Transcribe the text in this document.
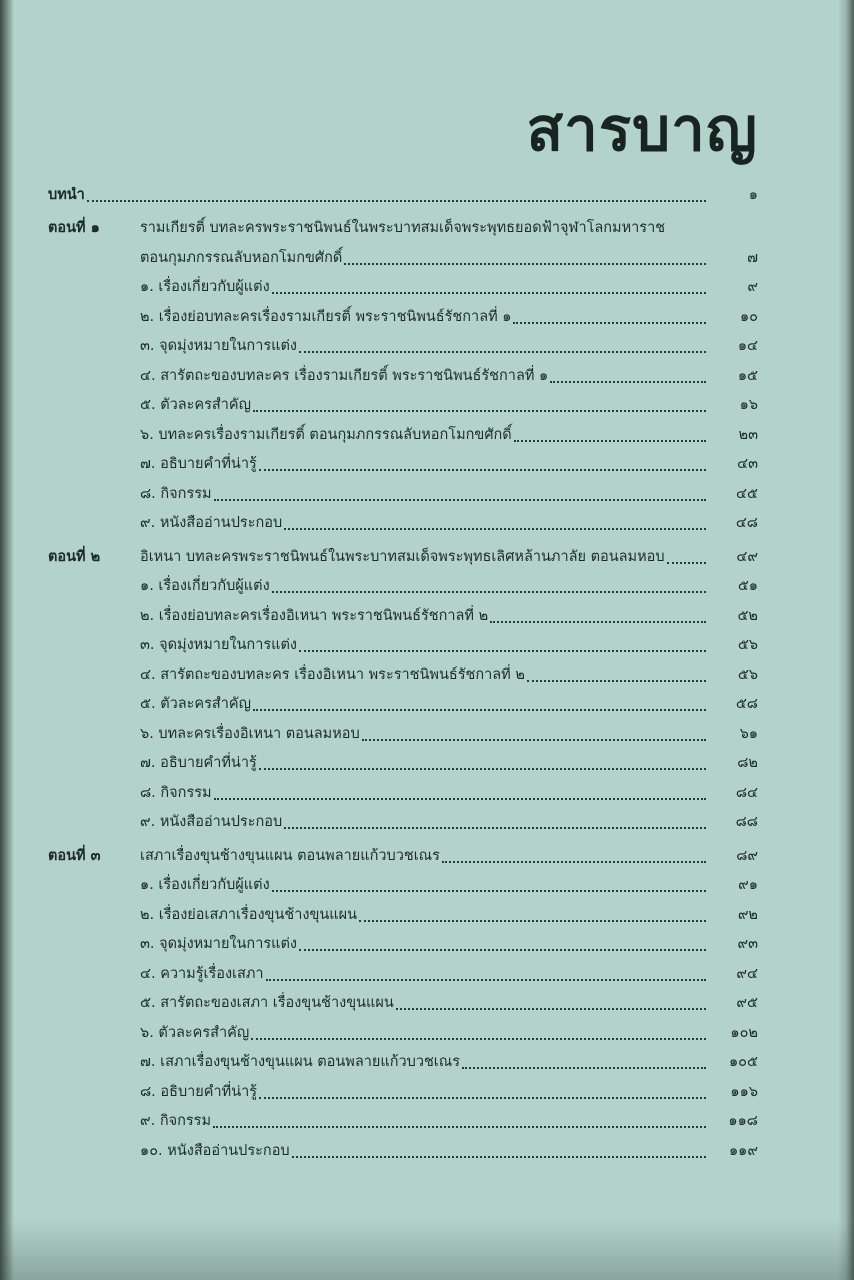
สารบาญ
บทนำ	๑
ตอนที่ ๑	รามเกียรติ์ บทละครพระราชนิพนธ์ในพระบาทสมเด็จพระพุทธยอดฟ้าจุฬาโลกมหาราช
ตอนกุมภกรรณลับหอกโมกขศักดิ์	๗
๑. เรื่องเกี่ยวกับผู้แต่ง	๙
๒. เรื่องย่อบทละครเรื่องรามเกียรติ์ พระราชนิพนธ์รัชกาลที่ ๑	๑๐
๓. จุดมุ่งหมายในการแต่ง	๑๔
๔. สารัตถะของบทละคร เรื่องรามเกียรติ์ พระราชนิพนธ์รัชกาลที่ ๑	๑๕
๕. ตัวละครสำคัญ	๑๖
๖. บทละครเรื่องรามเกียรติ์ ตอนกุมภกรรณลับหอกโมกขศักดิ์	๒๓
๗. อธิบายคำที่น่ารู้	๔๓
๘. กิจกรรม	๔๕
๙. หนังสืออ่านประกอบ	๔๘
ตอนที่ ๒	อิเหนา บทละครพระราชนิพนธ์ในพระบาทสมเด็จพระพุทธเลิศหล้านภาลัย ตอนลมหอบ	๔๙
๑. เรื่องเกี่ยวกับผู้แต่ง	๕๑
๒. เรื่องย่อบทละครเรื่องอิเหนา พระราชนิพนธ์รัชกาลที่ ๒	๕๒
๓. จุดมุ่งหมายในการแต่ง	๕๖
๔. สารัตถะของบทละคร เรื่องอิเหนา พระราชนิพนธ์รัชกาลที่ ๒	๕๖
๕. ตัวละครสำคัญ	๕๘
๖. บทละครเรื่องอิเหนา ตอนลมหอบ	๖๑
๗. อธิบายคำที่น่ารู้	๘๒
๘. กิจกรรม	๘๔
๙. หนังสืออ่านประกอบ	๘๘
ตอนที่ ๓	เสภาเรื่องขุนช้างขุนแผน ตอนพลายแก้วบวชเณร	๘๙
๑. เรื่องเกี่ยวกับผู้แต่ง	๙๑
๒. เรื่องย่อเสภาเรื่องขุนช้างขุนแผน	๙๒
๓. จุดมุ่งหมายในการแต่ง	๙๓
๔. ความรู้เรื่องเสภา	๙๔
๕. สารัตถะของเสภา เรื่องขุนช้างขุนแผน	๙๕
๖. ตัวละครสำคัญ	๑๐๒
๗. เสภาเรื่องขุนช้างขุนแผน ตอนพลายแก้วบวชเณร	๑๐๕
๘. อธิบายคำที่น่ารู้	๑๑๖
๙. กิจกรรม	๑๑๘
๑๐. หนังสืออ่านประกอบ	๑๑๙
